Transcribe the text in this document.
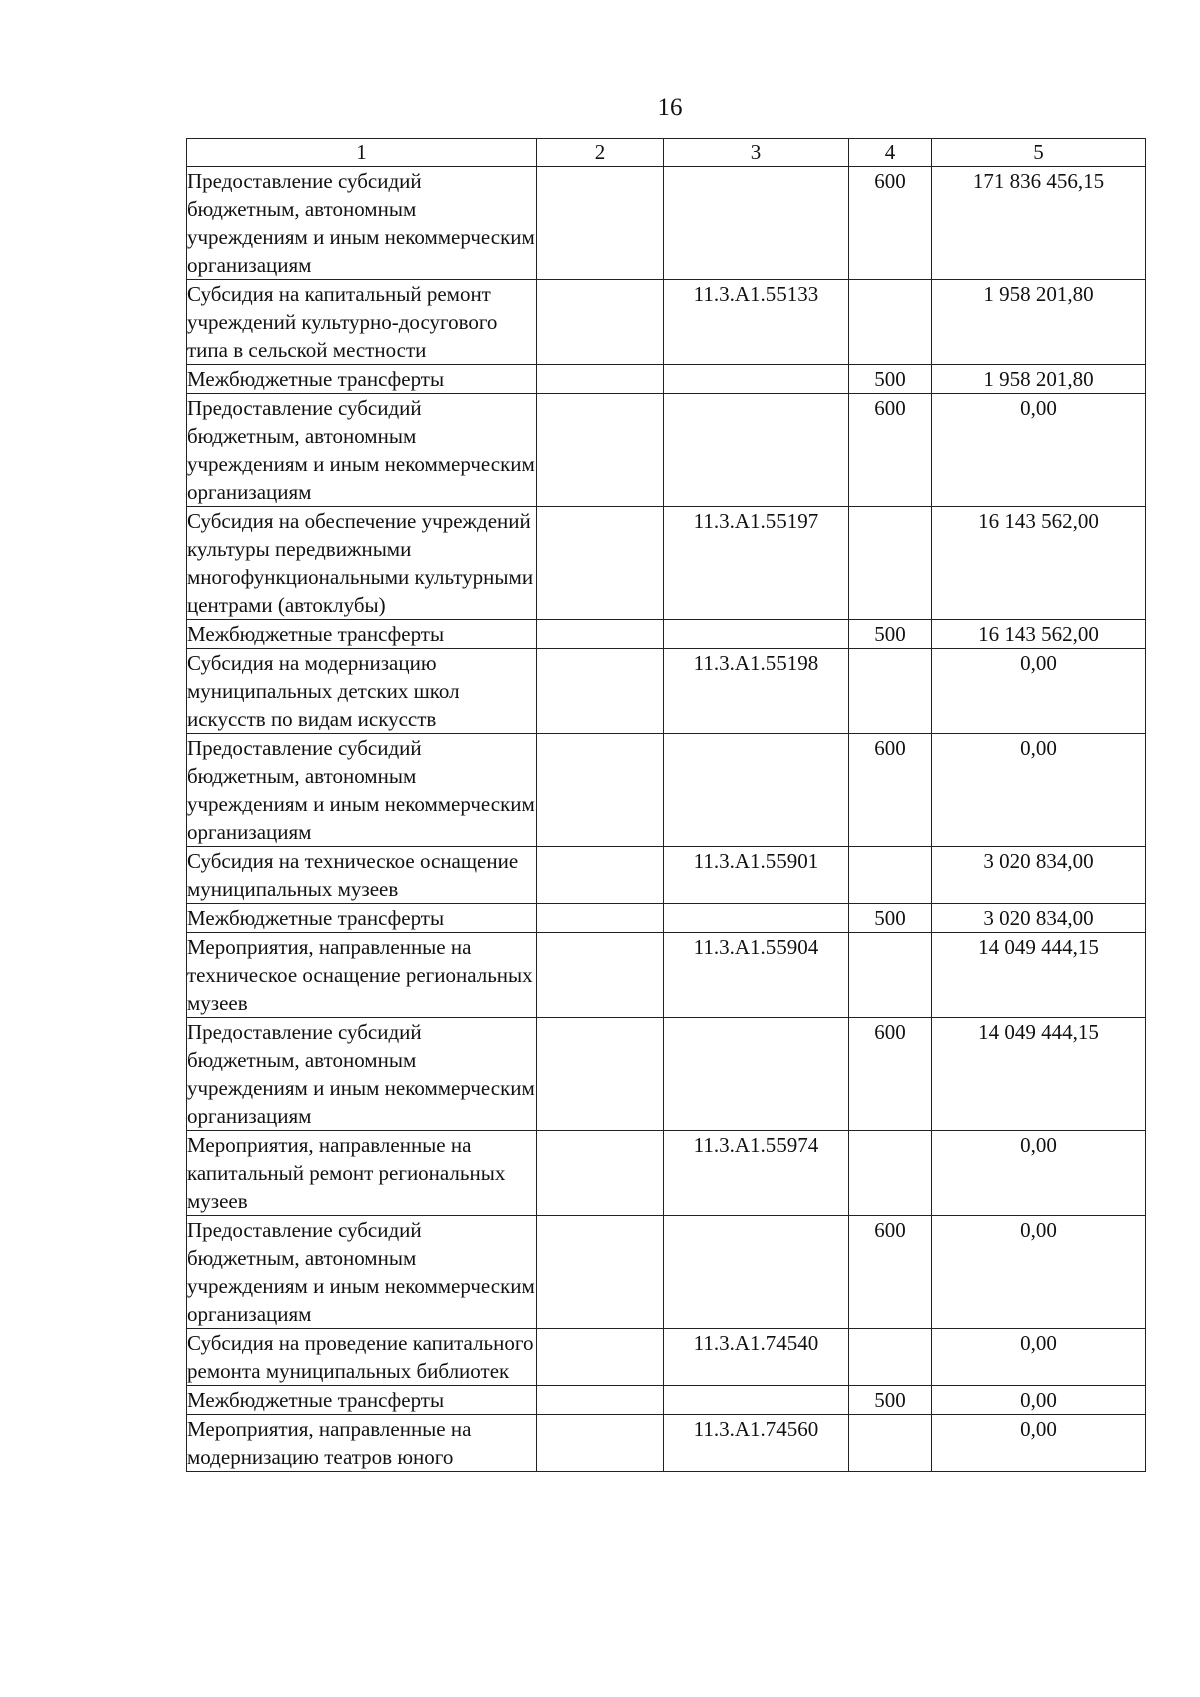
16
1	2	3	4	5
Предоставление субсидий бюджетным, автономным учреждениям и иным некоммерческим организациям			600	171 836 456,15
Субсидия на капитальный ремонт учреждений культурно-досугового типа в сельской местности		11.3.А1.55133		1 958 201,80
Межбюджетные трансферты			500	1 958 201,80
Предоставление субсидий бюджетным, автономным учреждениям и иным некоммерческим организациям			600	0,00
Субсидия на обеспечение учреждений культуры передвижными многофункциональными культурными центрами (автоклубы)		11.3.А1.55197		16 143 562,00
Межбюджетные трансферты			500	16 143 562,00
Субсидия на модернизацию муниципальных детских школ искусств по видам искусств		11.3.А1.55198		0,00
Предоставление субсидий бюджетным, автономным учреждениям и иным некоммерческим организациям			600	0,00
Субсидия на техническое оснащение муниципальных музеев		11.3.А1.55901		3 020 834,00
Межбюджетные трансферты			500	3 020 834,00
Мероприятия, направленные на техническое оснащение региональных музеев		11.3.А1.55904		14 049 444,15
Предоставление субсидий бюджетным, автономным учреждениям и иным некоммерческим организациям			600	14 049 444,15
Мероприятия, направленные на капитальный ремонт региональных музеев		11.3.А1.55974		0,00
Предоставление субсидий бюджетным, автономным учреждениям и иным некоммерческим организациям			600	0,00
Субсидия на проведение капитального ремонта муниципальных библиотек		11.3.А1.74540		0,00
Межбюджетные трансферты			500	0,00
Мероприятия, направленные на модернизацию театров юного		11.3.А1.74560		0,00
